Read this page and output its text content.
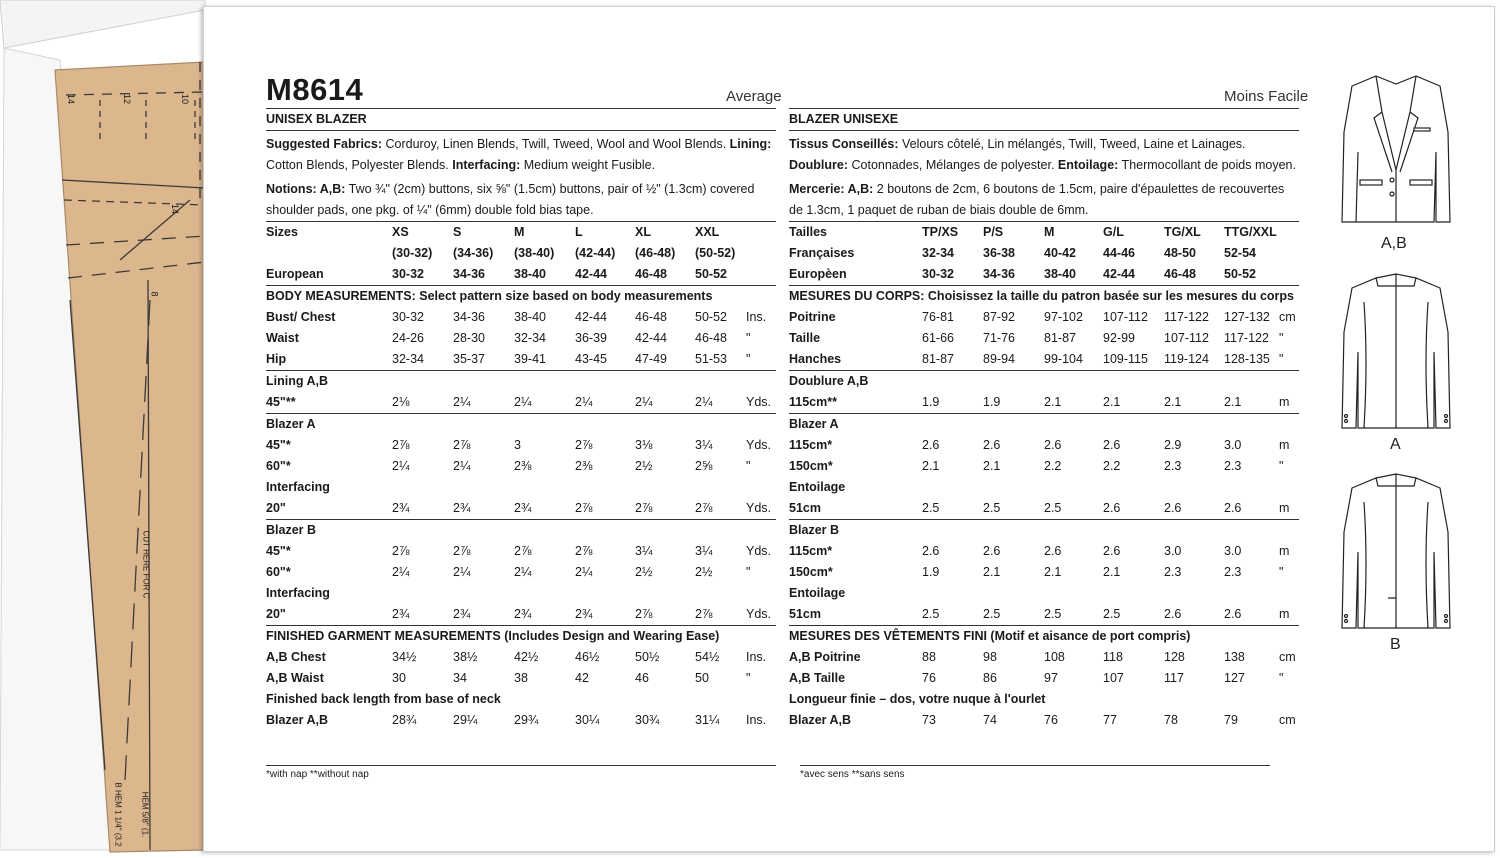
14	12	10
14
8
CUT HERE FOR C
B HEM 1 1/4" (3.2 HEM 5/8" (1.
M8614	Average	Moins Facile
UNISEX BLAZER
Suggested Fabrics: Corduroy, Linen Blends, Twill, Tweed, Wool and Wool Blends. Lining: Cotton Blends, Polyester Blends. Interfacing: Medium weight Fusible.
Notions: A,B: Two ¾" (2cm) buttons, six ⅝" (1.5cm) buttons, pair of ½" (1.3cm) covered shoulder pads, one pkg. of ¼" (6mm) double fold bias tape.
Sizes	XS	S	M	L	XL	XXL
(30-32) (34-36) (38-40) (42-44) (46-48) (50-52)
European	30-32 34-36 38-40 42-44 46-48 50-52
BODY MEASUREMENTS: Select pattern size based on body measurements
Bust/ Chest	30-32 34-36 38-40 42-44 46-48 50-52 Ins.
Waist	24-26 28-30 32-34 36-39 42-44 46-48 "
Hip	32-34 35-37 39-41 43-45 47-49 51-53 "
Lining A,B
45"**	2⅛	2¼	2¼	2¼	2¼	2¼	Yds.
Blazer A
45"*	2⅞	2⅞	3	2⅞	3⅛	3¼	Yds.
60"*	2¼	2¼	2⅜	2⅜	2½	2⅝	"
Interfacing
20"	2¾	2¾	2¾	2⅞	2⅞	2⅞	Yds.
Blazer B
45"*	2⅞	2⅞	2⅞	2⅞	3¼	3¼	Yds.
60"*	2¼	2¼	2¼	2¼	2½	2½	"
Interfacing
20"	2¾	2¾	2¾	2¾	2⅞	2⅞	Yds.
FINISHED GARMENT MEASUREMENTS (Includes Design and Wearing Ease)
A,B Chest	34½	38½	42½	46½	50½	54½ Ins.
A,B Waist	30	34	38	42	46	50	"
Finished back length from base of neck
Blazer A,B	28¾	29¼	29¾	30¼	30¾	31¼ Ins.
*with nap **without nap
BLAZER UNISEXE
Tissus Conseillés: Velours côtelé, Lin mélangés, Twill, Tweed, Laine et Lainages. Doublure: Cotonnades, Mélanges de polyester. Entoilage: Thermocollant de poids moyen.
Mercerie: A,B: 2 boutons de 2cm, 6 boutons de 1.5cm, paire d'épaulettes de recouvertes de 1.3cm, 1 paquet de ruban de biais double de 6mm.
Tailles	TP/XS P/S	M	G/L	TG/XL TTG/XXL
Françaises	32-34 36-38 40-42 44-46 48-50 52-54
Europèen	30-32 34-36 38-40 42-44 46-48 50-52
MESURES DU CORPS: Choisissez la taille du patron basée sur les mesures du corps
Poitrine	76-81 87-92 97-102 107-112 117-122 127-132 cm
Taille	61-66 71-76 81-87 92-99 107-112 117-122 "
Hanches	81-87 89-94 99-104 109-115 119-124 128-135 "
Doublure A,B
115cm**	1.9	1.9	2.1	2.1	2.1	2.1	m
Blazer A
115cm*	2.6	2.6	2.6	2.6	2.9	3.0	m
150cm*	2.1	2.1	2.2	2.2	2.3	2.3	"
Entoilage
51cm	2.5	2.5	2.5	2.6	2.6	2.6	m
Blazer B
115cm*	2.6	2.6	2.6	2.6	3.0	3.0	m
150cm*	1.9	2.1	2.1	2.1	2.3	2.3	"
Entoilage
51cm	2.5	2.5	2.5	2.5	2.6	2.6	m
MESURES DES VÊTEMENTS FINI (Motif et aisance de port compris)
A,B Poitrine	88	98	108	118	128	138	cm
A,B Taille	76	86	97	107	117	127	"
Longueur finie – dos, votre nuque à l'ourlet
Blazer A,B	73	74	76	77	78	79	cm
*avec sens **sans sens
A,B
A
B
